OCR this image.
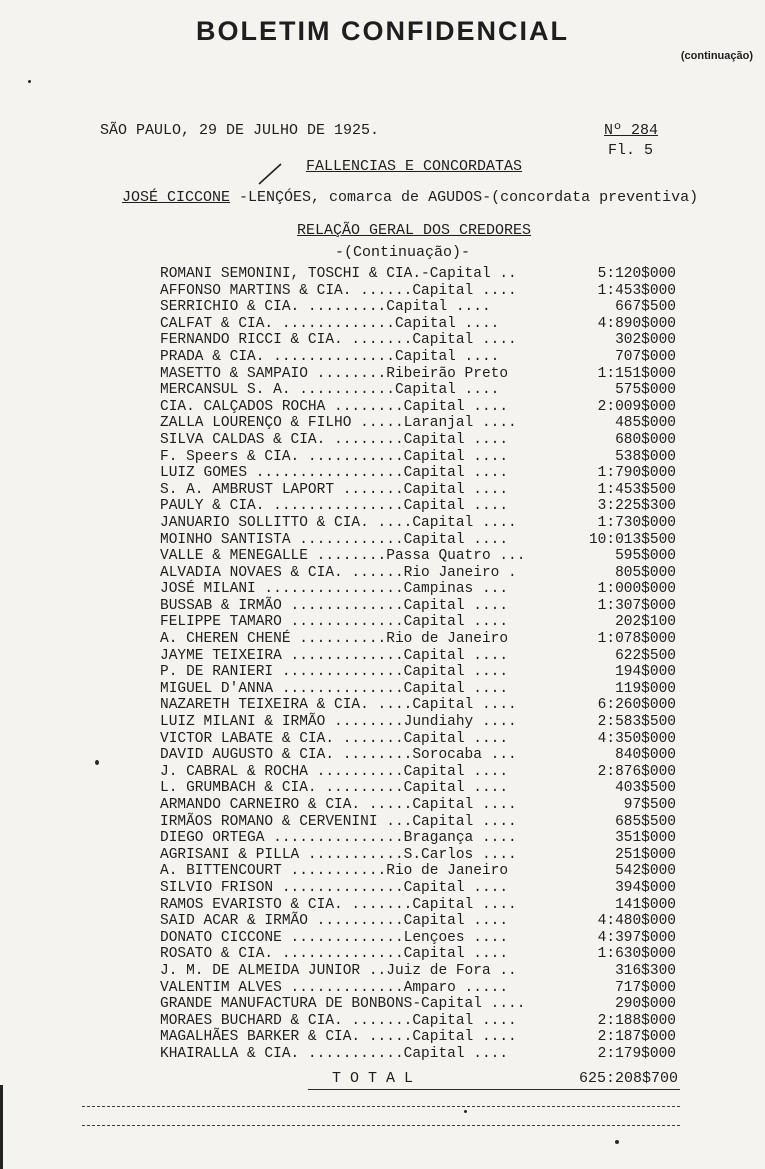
BOLETIM CONFIDENCIAL
(continuação)
SÃO PAULO, 29 DE JULHO DE 1925.	Nº 284
Fl. 5
FALLENCIAS E CONCORDATAS
JOSÉ CICCONE -LENÇÓES, comarca de AGUDOS-(concordata preventiva)
RELAÇÃO GERAL DOS CREDORES
-(Continuação)-
ROMANI SEMONINI, TOSCHI & CIA.-Capital ..	5:120$000
AFFONSO MARTINS & CIA. ......Capital ....	1:453$000
SERRICHIO & CIA. .........Capital ....	667$500
CALFAT & CIA. .............Capital ....	4:890$000
FERNANDO RICCI & CIA. .......Capital ....	302$000
PRADA & CIA. ..............Capital ....	707$000
MASETTO & SAMPAIO ........Ribeirão Preto	1:151$000
MERCANSUL S. A. ...........Capital ....	575$000
CIA. CALÇADOS ROCHA ........Capital ....	2:009$000
ZALLA LOURENÇO & FILHO .....Laranjal ....	485$000
SILVA CALDAS & CIA. ........Capital ....	680$000
F. Speers & CIA. ...........Capital ....	538$000
LUIZ GOMES .................Capital ....	1:790$000
S. A. AMBRUST LAPORT .......Capital ....	1:453$500
PAULY & CIA. ...............Capital ....	3:225$300
JANUARIO SOLLITTO & CIA. ....Capital ....	1:730$000
MOINHO SANTISTA ............Capital ....	10:013$500
VALLE & MENEGALLE ........Passa Quatro ...	595$000
ALVADIA NOVAES & CIA. ......Rio Janeiro .	805$000
JOSÉ MILANI ................Campinas ...	1:000$000
BUSSAB & IRMÃO .............Capital ....	1:307$000
FELIPPE TAMARO .............Capital ....	202$100
A. CHEREN CHENÉ ..........Rio de Janeiro	1:078$000
JAYME TEIXEIRA .............Capital ....	622$500
P. DE RANIERI ..............Capital ....	194$000
MIGUEL D'ANNA ..............Capital ....	119$000
NAZARETH TEIXEIRA & CIA. ....Capital ....	6:260$000
LUIZ MILANI & IRMÃO ........Jundiahy ....	2:583$500
VICTOR LABATE & CIA. .......Capital ....	4:350$000
DAVID AUGUSTO & CIA. ........Sorocaba ...	840$000
J. CABRAL & ROCHA ..........Capital ....	2:876$000
L. GRUMBACH & CIA. .........Capital ....	403$500
ARMANDO CARNEIRO & CIA. .....Capital ....	97$500
IRMÃOS ROMANO & CERVENINI ...Capital ....	685$500
DIEGO ORTEGA ...............Bragança ....	351$000
AGRISANI & PILLA ...........S.Carlos ....	251$000
A. BITTENCOURT ...........Rio de Janeiro	542$000
SILVIO FRISON ..............Capital ....	394$000
RAMOS EVARISTO & CIA. .......Capital ....	141$000
SAID ACAR & IRMÃO ..........Capital ....	4:480$000
DONATO CICCONE .............Lençoes ....	4:397$000
ROSATO & CIA. ..............Capital ....	1:630$000
J. M. DE ALMEIDA JUNIOR ..Juiz de Fora ..	316$300
VALENTIM ALVES .............Amparo .....	717$000
GRANDE MANUFACTURA DE BONBONS-Capital ....	290$000
MORAES BUCHARD & CIA. .......Capital ....	2:188$000
MAGALHÃES BARKER & CIA. .....Capital ....	2:187$000
KHAIRALLA & CIA. ...........Capital ....	2:179$000
TOTAL	625:208$700
